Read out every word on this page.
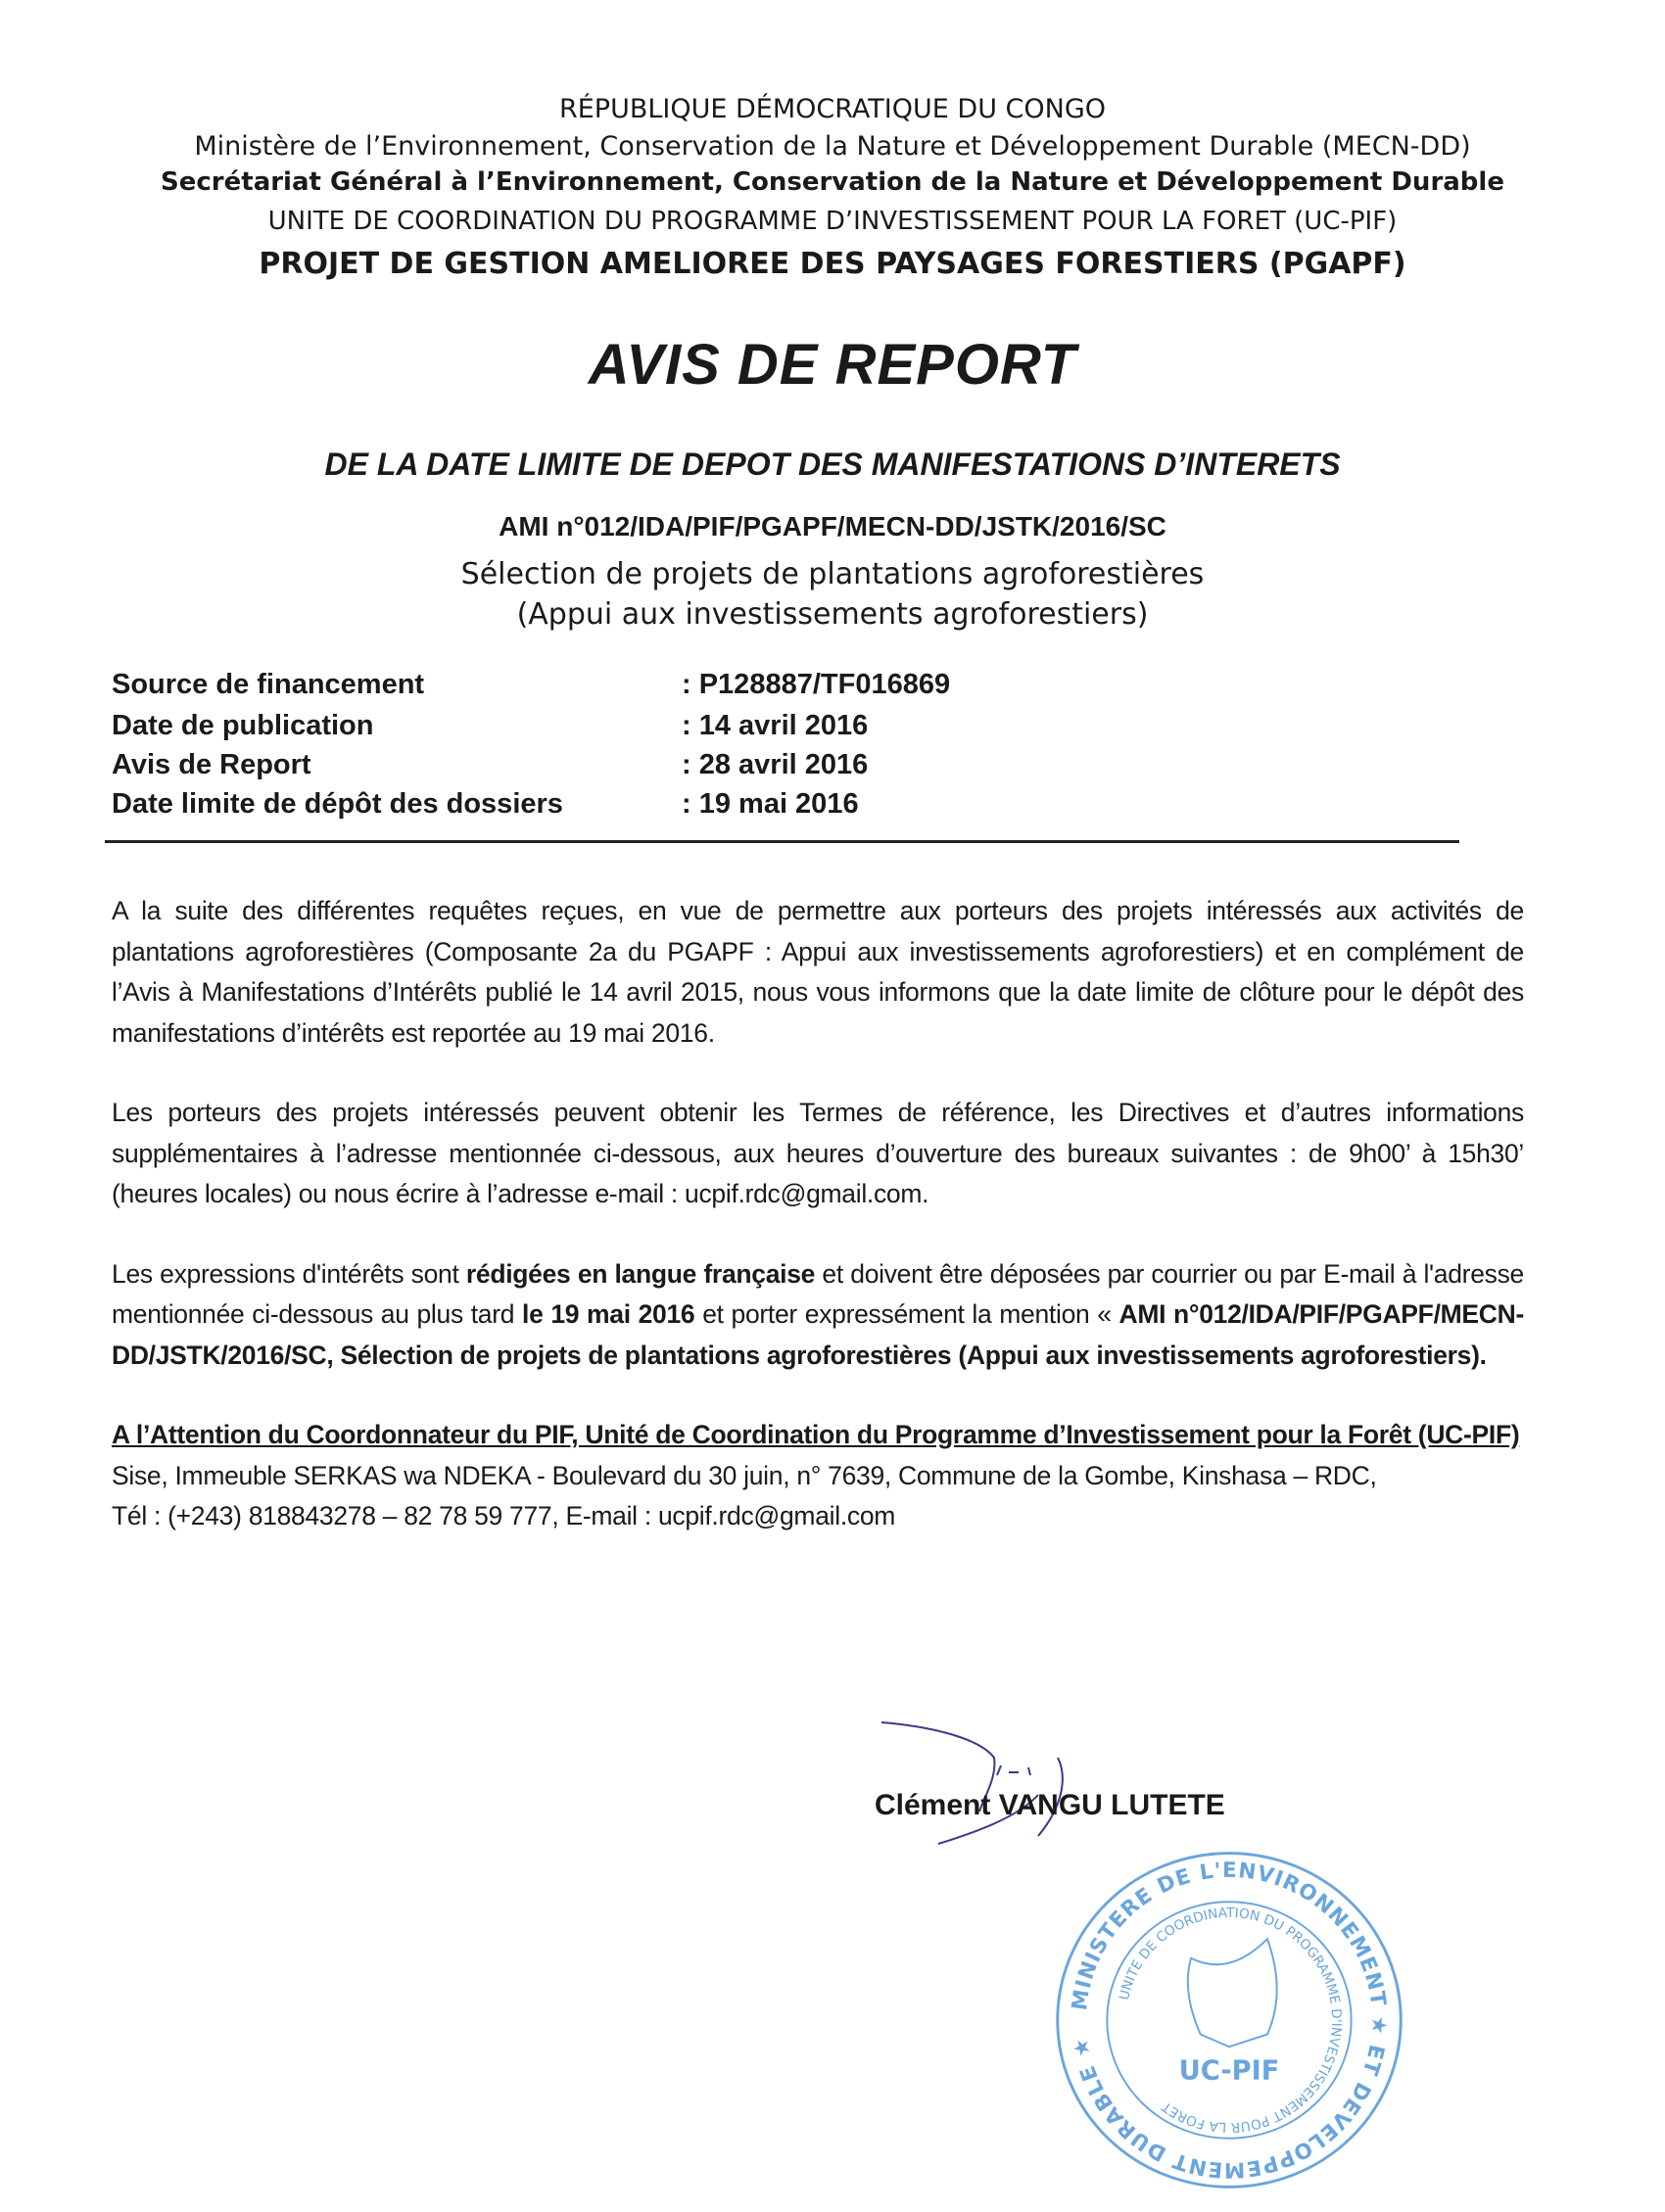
RÉPUBLIQUE DÉMOCRATIQUE DU CONGO
Ministère de l’Environnement, Conservation de la Nature et Développement Durable (MECN-DD)
Secrétariat Général à l’Environnement, Conservation de la Nature et Développement Durable
UNITE DE COORDINATION DU PROGRAMME D’INVESTISSEMENT POUR LA FORET (UC-PIF)
PROJET DE GESTION AMELIOREE DES PAYSAGES FORESTIERS (PGAPF)
AVIS DE REPORT
DE LA DATE LIMITE DE DEPOT DES MANIFESTATIONS D’INTERETS
AMI n°012/IDA/PIF/PGAPF/MECN-DD/JSTK/2016/SC
Sélection de projets de plantations agroforestières
(Appui aux investissements agroforestiers)
Source de financement	: P128887/TF016869
Date de publication	: 14 avril 2016
Avis de Report	: 28 avril 2016
Date limite de dépôt des dossiers	: 19 mai 2016
A la suite des différentes requêtes reçues, en vue de permettre aux porteurs des projets intéressés aux activités de plantations agroforestières (Composante 2a du PGAPF : Appui aux investissements agroforestiers) et en complément de l’Avis à Manifestations d’Intérêts publié le 14 avril 2015, nous vous informons que la date limite de clôture pour le dépôt des manifestations d’intérêts est reportée au 19 mai 2016.
Les porteurs des projets intéressés peuvent obtenir les Termes de référence, les Directives et d’autres informations supplémentaires à l’adresse mentionnée ci-dessous, aux heures d’ouverture des bureaux suivantes : de 9h00’ à 15h30’ (heures locales) ou nous écrire à l’adresse e-mail : ucpif.rdc@gmail.com.
Les expressions d'intérêts sont rédigées en langue française et doivent être déposées par courrier ou par E-mail à l'adresse mentionnée ci-dessous au plus tard le 19 mai 2016 et porter expressément la mention « AMI n°012/IDA/PIF/PGAPF/MECN-DD/JSTK/2016/SC, Sélection de projets de plantations agroforestières (Appui aux investissements agroforestiers).
A l’Attention du Coordonnateur du PIF, Unité de Coordination du Programme d’Investissement pour la Forêt (UC-PIF)
Sise, Immeuble SERKAS wa NDEKA - Boulevard du 30 juin, n° 7639, Commune de la Gombe, Kinshasa – RDC,
Tél : (+243) 818843278 – 82 78 59 777, E-mail : ucpif.rdc@gmail.com
MINISTERE DE L'ENVIRONNEMENT ★ ET DEVELOPPEMENT DURABLE ★
UNITE DE COORDINATION DU PROGRAMME D'INVESTISSEMENT POUR LA FORET
UC-PIF
Clément VANGU LUTETE
